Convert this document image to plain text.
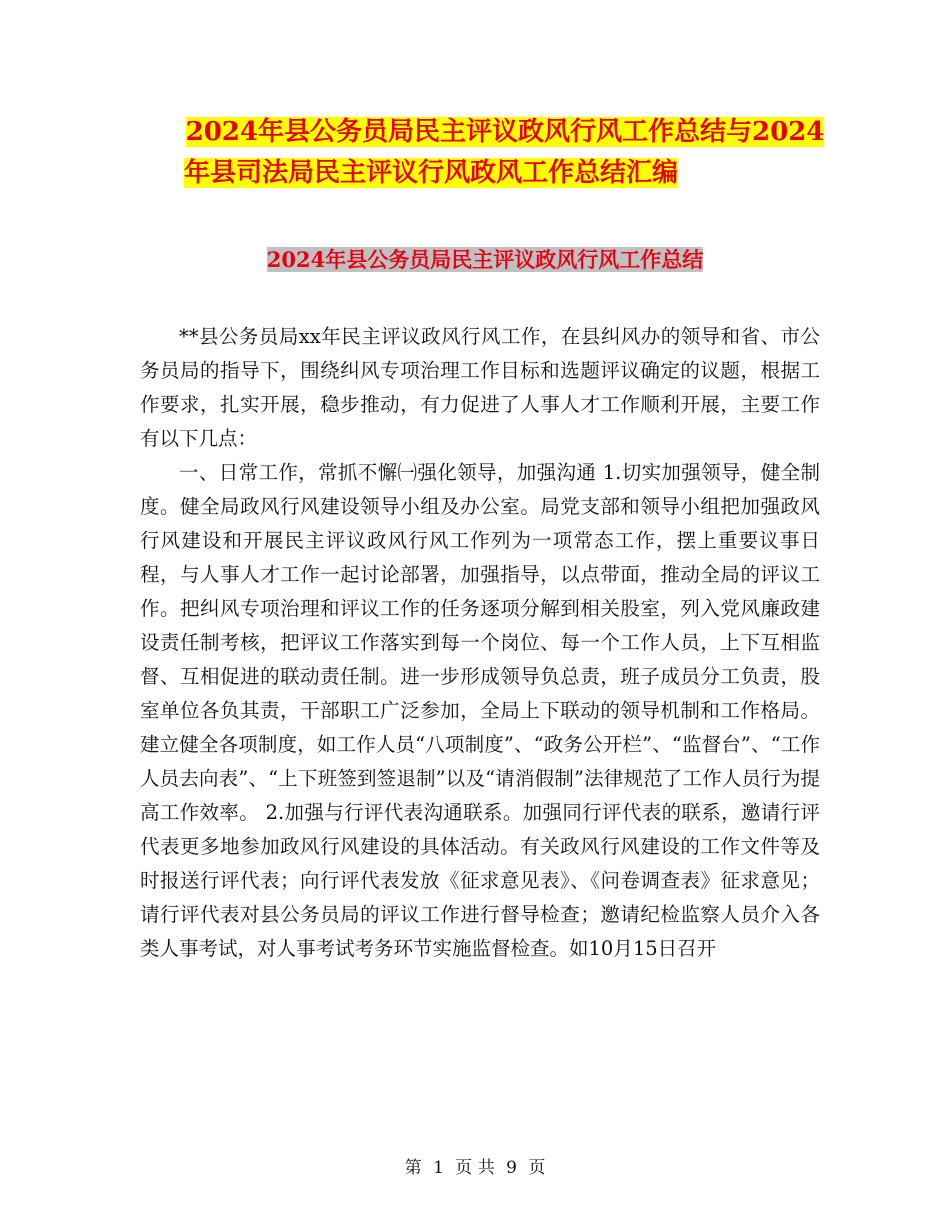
2024年县公务员局民主评议政风行风工作总结与2024
年县司法局民主评议行风政风工作总结汇编
2024年县公务员局民主评议政风行风工作总结

**县公务员局xx年民主评议政风行风工作，在县纠风办的领导和省、市公务员局的指导下，围绕纠风专项治理工作目标和选题评议确定的议题，根据工作要求，扎实开展，稳步推动，有力促进了人事人才工作顺利开展，主要工作有以下几点：

一、日常工作，常抓不懈㈠强化领导，加强沟通 1.切实加强领导，健全制度。健全局政风行风建设领导小组及办公室。局党支部和领导小组把加强政风行风建设和开展民主评议政风行风工作列为一项常态工作，摆上重要议事日程，与人事人才工作一起讨论部署，加强指导，以点带面，推动全局的评议工作。把纠风专项治理和评议工作的任务逐项分解到相关股室，列入党风廉政建设责任制考核，把评议工作落实到每一个岗位、每一个工作人员，上下互相监督、互相促进的联动责任制。进一步形成领导负总责，班子成员分工负责，股室单位各负其责，干部职工广泛参加，全局上下联动的领导机制和工作格局。建立健全各项制度，如工作人员“八项制度”、“政务公开栏”、“监督台”、“工作人员去向表”、“上下班签到签退制”以及“请消假制”法律规范了工作人员行为提高工作效率。 2.加强与行评代表沟通联系。加强同行评代表的联系，邀请行评代表更多地参加政风行风建设的具体活动。有关政风行风建设的工作文件等及时报送行评代表；向行评代表发放《征求意见表》、《问卷调查表》征求意见；请行评代表对县公务员局的评议工作进行督导检查；邀请纪检监察人员介入各类人事考试，对人事考试考务环节实施监督检查。如10月15日召开

第 1 页 共 9 页
